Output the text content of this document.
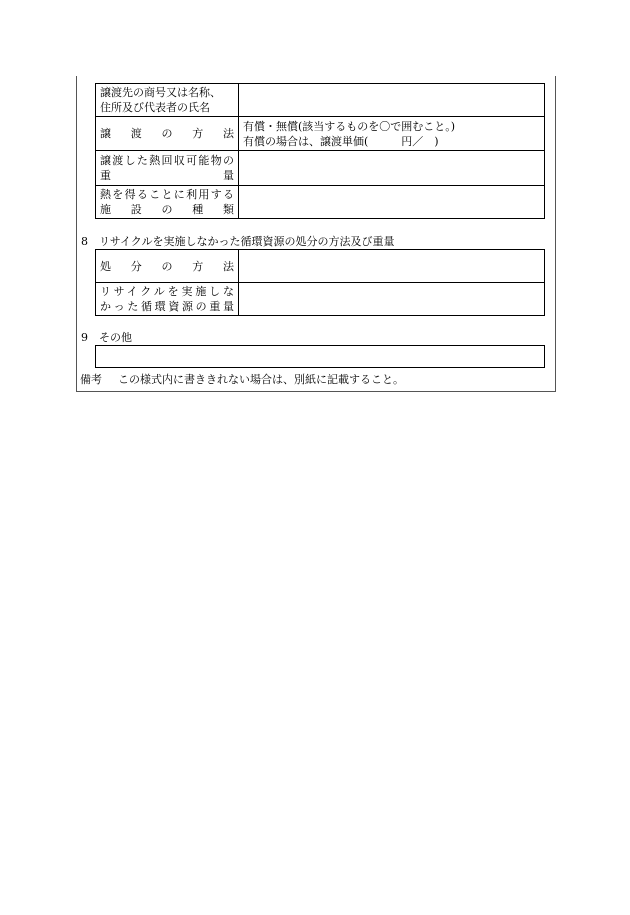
譲渡先の商号又は名称、
住所及び代表者の氏名	

譲　渡　の　方　法	有償・無償(該当するものを〇で囲むこと。)
有償の場合は、譲渡単価(　　　円／　)

譲渡した熱回収可能物の
重　　　　　　　　　量	

熱を得ることに利用する
施　設　の　種　類	

8 リサイクルを実施しなかった循環資源の処分の方法及び重量
処　分　の　方　法	

リサイクルを実施しな
かった循環資源の重量	

9 その他
備考 この様式内に書ききれない場合は、別紙に記載すること。
